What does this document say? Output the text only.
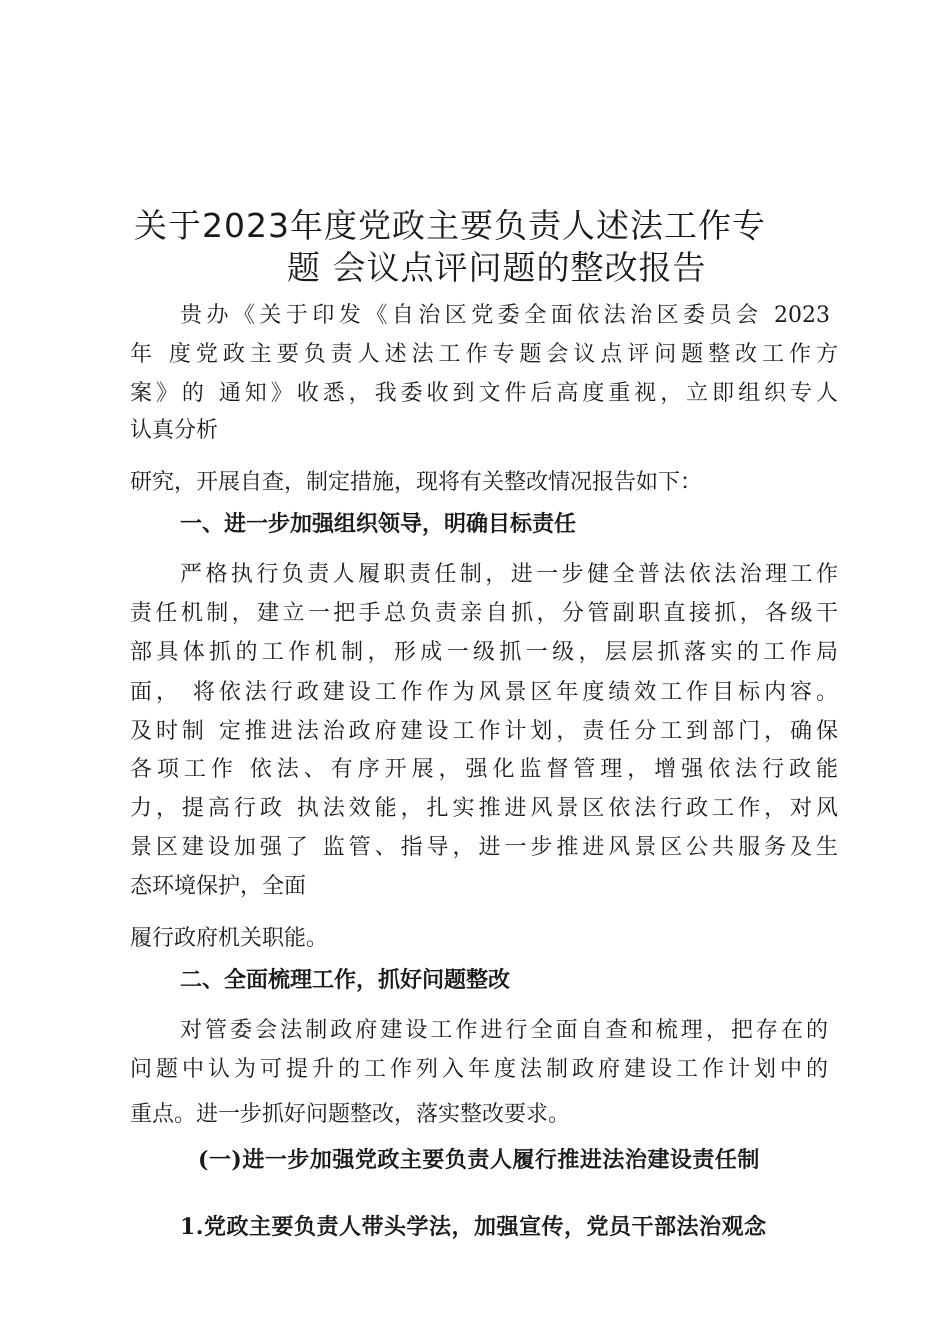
关于2023年度党政主要负责人述法工作专

题 会议点评问题的整改报告

贵办《关于印发《自治区党委全面依法治区委员会 2023

年 度党政主要负责人述法工作专题会议点评问题整改工作方

案》的 通知》收悉，我委收到文件后高度重视，立即组织专人

认真分析

研究，开展自查，制定措施，现将有关整改情况报告如下：

一、进一步加强组织领导，明确目标责任

严格执行负责人履职责任制，进一步健全普法依法治理工作

责任机制，建立一把手总负责亲自抓，分管副职直接抓，各级干

部具体抓的工作机制，形成一级抓一级，层层抓落实的工作局

面， 将依法行政建设工作作为风景区年度绩效工作目标内容。

及时制 定推进法治政府建设工作计划，责任分工到部门，确保

各项工作 依法、有序开展，强化监督管理，增强依法行政能

力，提高行政 执法效能，扎实推进风景区依法行政工作，对风

景区建设加强了 监管、指导，进一步推进风景区公共服务及生

态环境保护，全面

履行政府机关职能。

二、全面梳理工作，抓好问题整改

对管委会法制政府建设工作进行全面自查和梳理，把存在的

问题中认为可提升的工作列入年度法制政府建设工作计划中的

重点。进一步抓好问题整改，落实整改要求。

(一)进一步加强党政主要负责人履行推进法治建设责任制

1.党政主要负责人带头学法，加强宣传，党员干部法治观念
